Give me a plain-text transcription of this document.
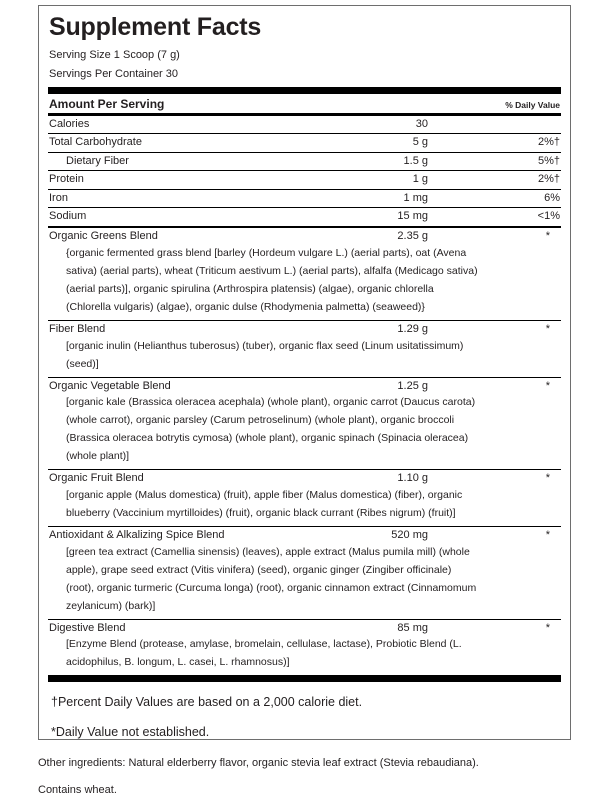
Supplement Facts
Serving Size 1 Scoop (7 g)
Servings Per Container 30
Amount Per Serving	% Daily Value
Calories	30
Total Carbohydrate	5 g	2%†
Dietary Fiber	1.5 g	5%†
Protein	1 g	2%†
Iron	1 mg	6%
Sodium	15 mg	<1%
Organic Greens Blend	2.35 g	*
{organic fermented grass blend [barley (Hordeum vulgare L.) (aerial parts), oat (Avena sativa) (aerial parts), wheat (Triticum aestivum L.) (aerial parts), alfalfa (Medicago sativa) (aerial parts)], organic spirulina (Arthrospira platensis) (algae), organic chlorella (Chlorella vulgaris) (algae), organic dulse (Rhodymenia palmetta) (seaweed)}
Fiber Blend	1.29 g	*
[organic inulin (Helianthus tuberosus) (tuber), organic flax seed (Linum usitatissimum) (seed)]
Organic Vegetable Blend	1.25 g	*
[organic kale (Brassica oleracea acephala) (whole plant), organic carrot (Daucus carota) (whole carrot), organic parsley (Carum petroselinum) (whole plant), organic broccoli (Brassica oleracea botrytis cymosa) (whole plant), organic spinach (Spinacia oleracea) (whole plant)]
Organic Fruit Blend	1.10 g	*
[organic apple (Malus domestica) (fruit), apple fiber (Malus domestica) (fiber), organic blueberry (Vaccinium myrtilloides) (fruit), organic black currant (Ribes nigrum) (fruit)]
Antioxidant & Alkalizing Spice Blend	520 mg	*
[green tea extract (Camellia sinensis) (leaves), apple extract (Malus pumila mill) (whole apple), grape seed extract (Vitis vinifera) (seed), organic ginger (Zingiber officinale) (root), organic turmeric (Curcuma longa) (root), organic cinnamon extract (Cinnamomum zeylanicum) (bark)]
Digestive Blend	85 mg	*
[Enzyme Blend (protease, amylase, bromelain, cellulase, lactase), Probiotic Blend (L. acidophilus, B. longum, L. casei, L. rhamnosus)]
†Percent Daily Values are based on a 2,000 calorie diet.
*Daily Value not established.
Other ingredients: Natural elderberry flavor, organic stevia leaf extract (Stevia rebaudiana).
Contains wheat.
